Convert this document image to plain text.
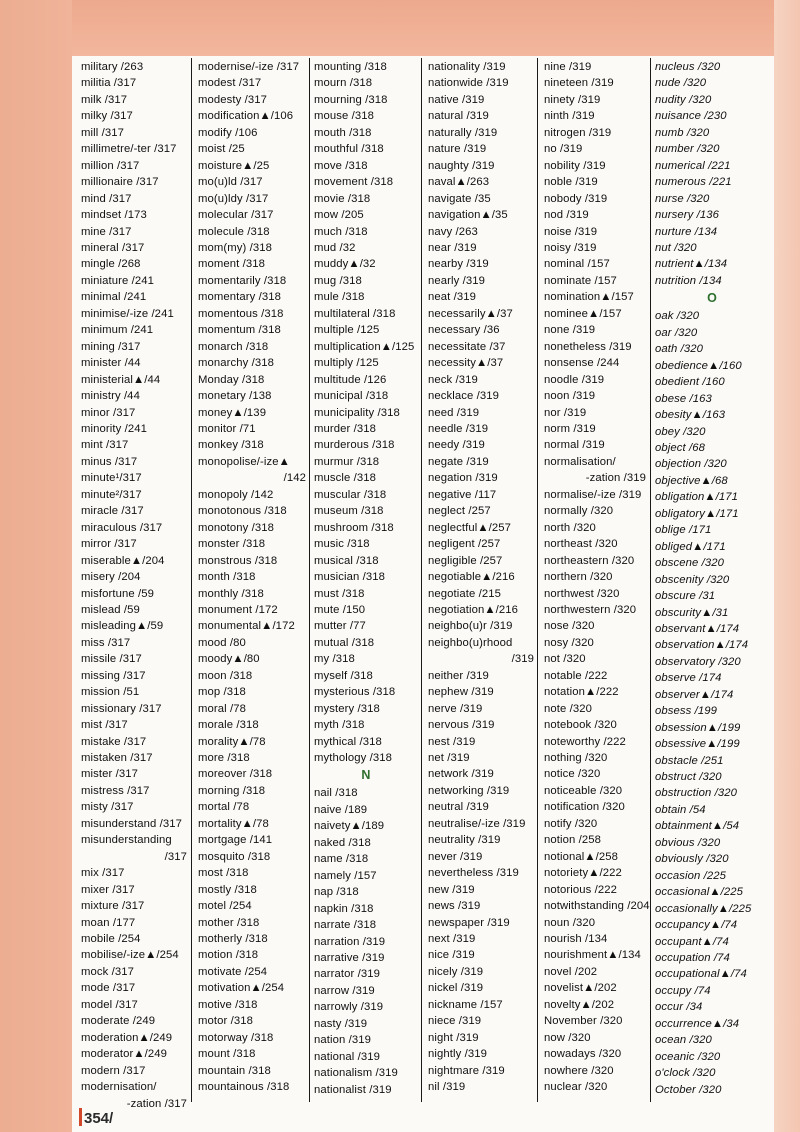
military /263
militia /317
milk /317
milky /317
mill /317
millimetre/-ter /317
million /317
millionaire /317
mind /317
mindset /173
mine /317
mineral /317
mingle /268
miniature /241
minimal /241
minimise/-ize /241
minimum /241
mining /317
minister /44
ministerial▲/44
ministry /44
minor /317
minority /241
mint /317
minus /317
minute¹/317
minute²/317
miracle /317
miraculous /317
mirror /317
miserable▲/204
misery /204
misfortune /59
mislead /59
misleading▲/59
miss /317
missile /317
missing /317
mission /51
missionary /317
mist /317
mistake /317
mistaken /317
mister /317
mistress /317
misty /317
misunderstand /317
misunderstanding
/317
mix /317
mixer /317
mixture /317
moan /177
mobile /254
mobilise/-ize▲/254
mock /317
mode /317
model /317
moderate /249
moderation▲/249
moderator▲/249
modern /317
modernisation/
-zation /317
modernise/-ize /317
modest /317
modesty /317
modification▲/106
modify /106
moist /25
moisture▲/25
mo(u)ld /317
mo(u)ldy /317
molecular /317
molecule /318
mom(my) /318
moment /318
momentarily /318
momentary /318
momentous /318
momentum /318
monarch /318
monarchy /318
Monday /318
monetary /138
money▲/139
monitor /71
monkey /318
monopolise/-ize▲
/142
monopoly /142
monotonous /318
monotony /318
monster /318
monstrous /318
month /318
monthly /318
monument /172
monumental▲/172
mood /80
moody▲/80
moon /318
mop /318
moral /78
morale /318
morality▲/78
more /318
moreover /318
morning /318
mortal /78
mortality▲/78
mortgage /141
mosquito /318
most /318
mostly /318
motel /254
mother /318
motherly /318
motion /318
motivate /254
motivation▲/254
motive /318
motor /318
motorway /318
mount /318
mountain /318
mountainous /318
mounting /318
mourn /318
mourning /318
mouse /318
mouth /318
mouthful /318
move /318
movement /318
movie /318
mow /205
much /318
mud /32
muddy▲/32
mug /318
mule /318
multilateral /318
multiple /125
multiplication▲/125
multiply /125
multitude /126
municipal /318
municipality /318
murder /318
murderous /318
murmur /318
muscle /318
muscular /318
museum /318
mushroom /318
music /318
musical /318
musician /318
must /318
mute /150
mutter /77
mutual /318
my /318
myself /318
mysterious /318
mystery /318
myth /318
mythical /318
mythology /318
N
nail /318
naive /189
naivety▲/189
naked /318
name /318
namely /157
nap /318
napkin /318
narrate /318
narration /319
narrative /319
narrator /319
narrow /319
narrowly /319
nasty /319
nation /319
national /319
nationalism /319
nationalist /319
nationality /319
nationwide /319
native /319
natural /319
naturally /319
nature /319
naughty /319
naval▲/263
navigate /35
navigation▲/35
navy /263
near /319
nearby /319
nearly /319
neat /319
necessarily▲/37
necessary /36
necessitate /37
necessity▲/37
neck /319
necklace /319
need /319
needle /319
needy /319
negate /319
negation /319
negative /117
neglect /257
neglectful▲/257
negligent /257
negligible /257
negotiable▲/216
negotiate /215
negotiation▲/216
neighbo(u)r /319
neighbo(u)rhood
/319
neither /319
nephew /319
nerve /319
nervous /319
nest /319
net /319
network /319
networking /319
neutral /319
neutralise/-ize /319
neutrality /319
never /319
nevertheless /319
new /319
news /319
newspaper /319
next /319
nice /319
nicely /319
nickel /319
nickname /157
niece /319
night /319
nightly /319
nightmare /319
nil /319
nine /319
nineteen /319
ninety /319
ninth /319
nitrogen /319
no /319
nobility /319
noble /319
nobody /319
nod /319
noise /319
noisy /319
nominal /157
nominate /157
nomination▲/157
nominee▲/157
none /319
nonetheless /319
nonsense /244
noodle /319
noon /319
nor /319
norm /319
normal /319
normalisation/
-zation /319
normalise/-ize /319
normally /320
north /320
northeast /320
northeastern /320
northern /320
northwest /320
northwestern /320
nose /320
nosy /320
not /320
notable /222
notation▲/222
note /320
notebook /320
noteworthy /222
nothing /320
notice /320
noticeable /320
notification /320
notify /320
notion /258
notional▲/258
notoriety▲/222
notorious /222
notwithstanding /204
noun /320
nourish /134
nourishment▲/134
novel /202
novelist▲/202
novelty▲/202
November /320
now /320
nowadays /320
nowhere /320
nuclear /320
nucleus /320
nude /320
nudity /320
nuisance /230
numb /320
number /320
numerical /221
numerous /221
nurse /320
nursery /136
nurture /134
nut /320
nutrient▲/134
nutrition /134
O
oak /320
oar /320
oath /320
obedience▲/160
obedient /160
obese /163
obesity▲/163
obey /320
object /68
objection /320
objective▲/68
obligation▲/171
obligatory▲/171
oblige /171
obliged▲/171
obscene /320
obscenity /320
obscure /31
obscurity▲/31
observant▲/174
observation▲/174
observatory /320
observe /174
observer▲/174
obsess /199
obsession▲/199
obsessive▲/199
obstacle /251
obstruct /320
obstruction /320
obtain /54
obtainment▲/54
obvious /320
obviously /320
occasion /225
occasional▲/225
occasionally▲/225
occupancy▲/74
occupant▲/74
occupation /74
occupational▲/74
occupy /74
occur /34
occurrence▲/34
ocean /320
oceanic /320
o'clock /320
October /320
354/
